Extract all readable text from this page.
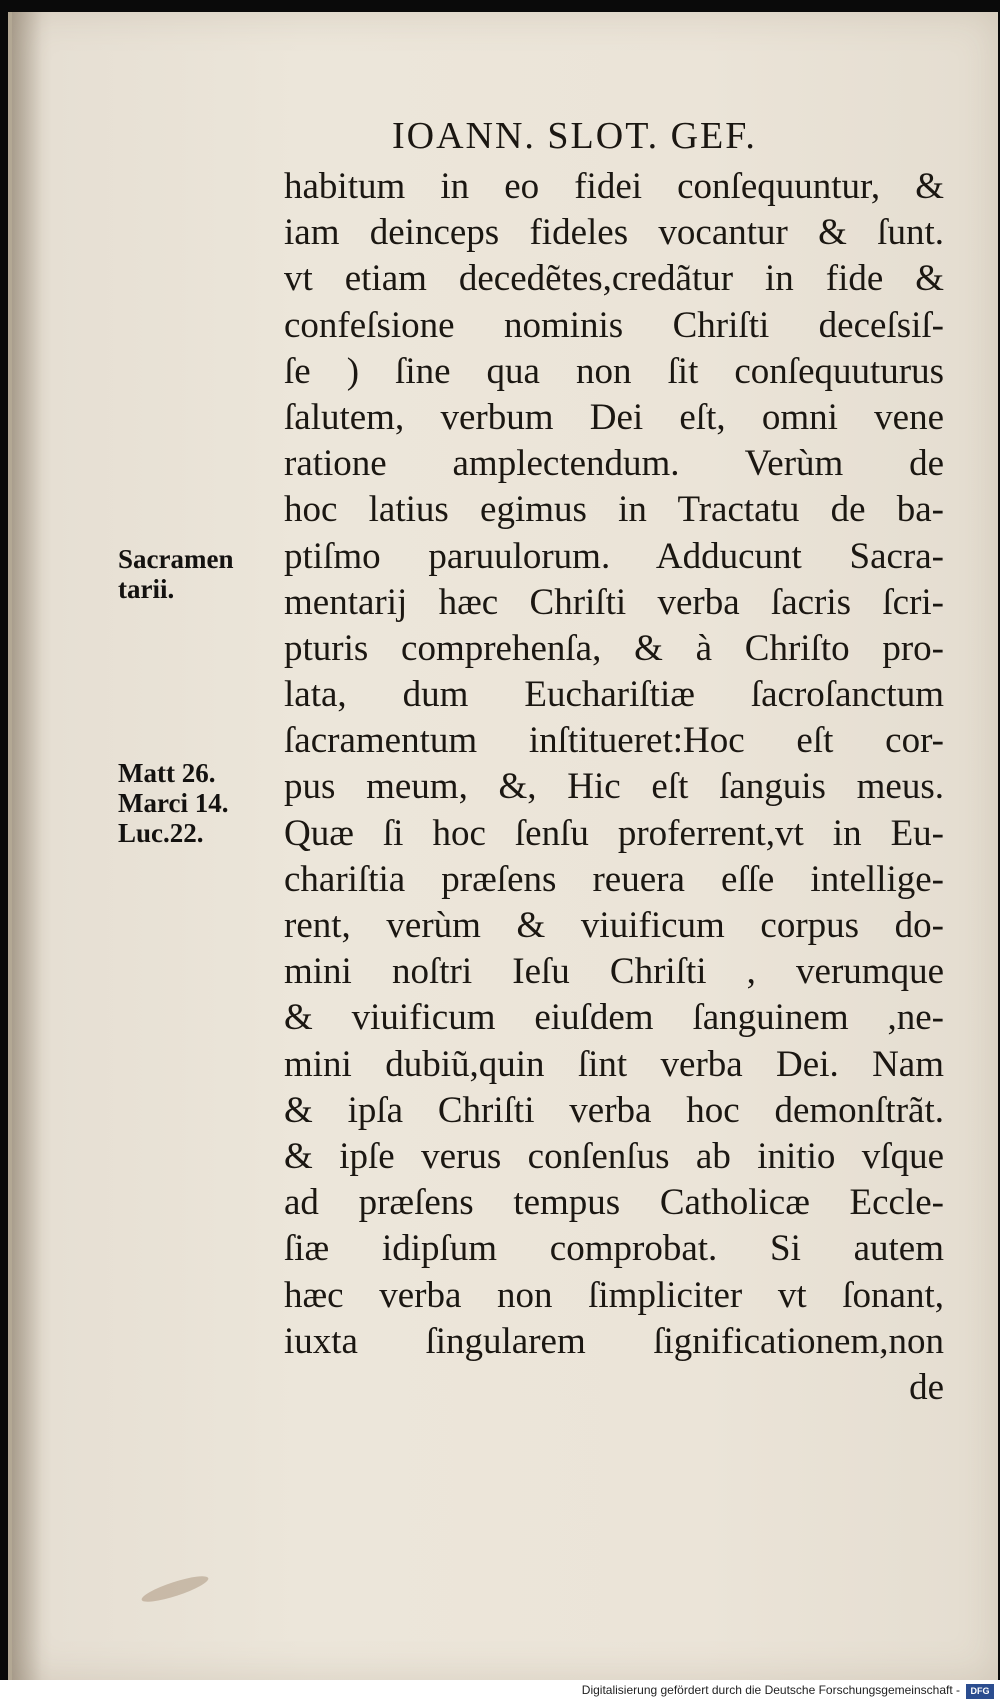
IOANN. SLOT. GEF.
habitum in eo fidei conſequuntur, &
iam deinceps fideles vocantur & ſunt.
vt etiam decedẽtes,credãtur in fide &
confeſsione nominis Chriſti deceſsiſ-
ſe ) ſine qua non ſit conſequuturus
ſalutem, verbum Dei eſt, omni vene
ratione amplectendum. Verùm de
hoc latius egimus in Tractatu de ba-
ptiſmo paruulorum. Adducunt Sacra-
mentarij hæc Chriſti verba ſacris ſcri-
pturis comprehenſa, & à Chriſto pro-
lata, dum Euchariſtiæ ſacroſanctum
ſacramentum inſtitueret:Hoc eſt cor-
pus meum, &, Hic eſt ſanguis meus.
Quæ ſi hoc ſenſu proferrent,vt in Eu-
chariſtia præſens reuera eſſe intellige-
rent, verùm & viuificum corpus do-
mini noſtri Ieſu Chriſti , verumque
& viuificum eiuſdem ſanguinem ,ne-
mini dubiũ,quin ſint verba Dei. Nam
& ipſa Chriſti verba hoc demonſtrãt.
& ipſe verus conſenſus ab initio vſque
ad præſens tempus Catholicæ Eccle-
ſiæ idipſum comprobat. Si autem
hæc verba non ſimpliciter vt ſonant,
iuxta ſingularem ſignificationem,non
de
Sacramen
tarii.
Matt 26.
Marci 14.
Luc.22.
Digitalisierung gefördert durch die Deutsche Forschungsgemeinschaft -	DFG
